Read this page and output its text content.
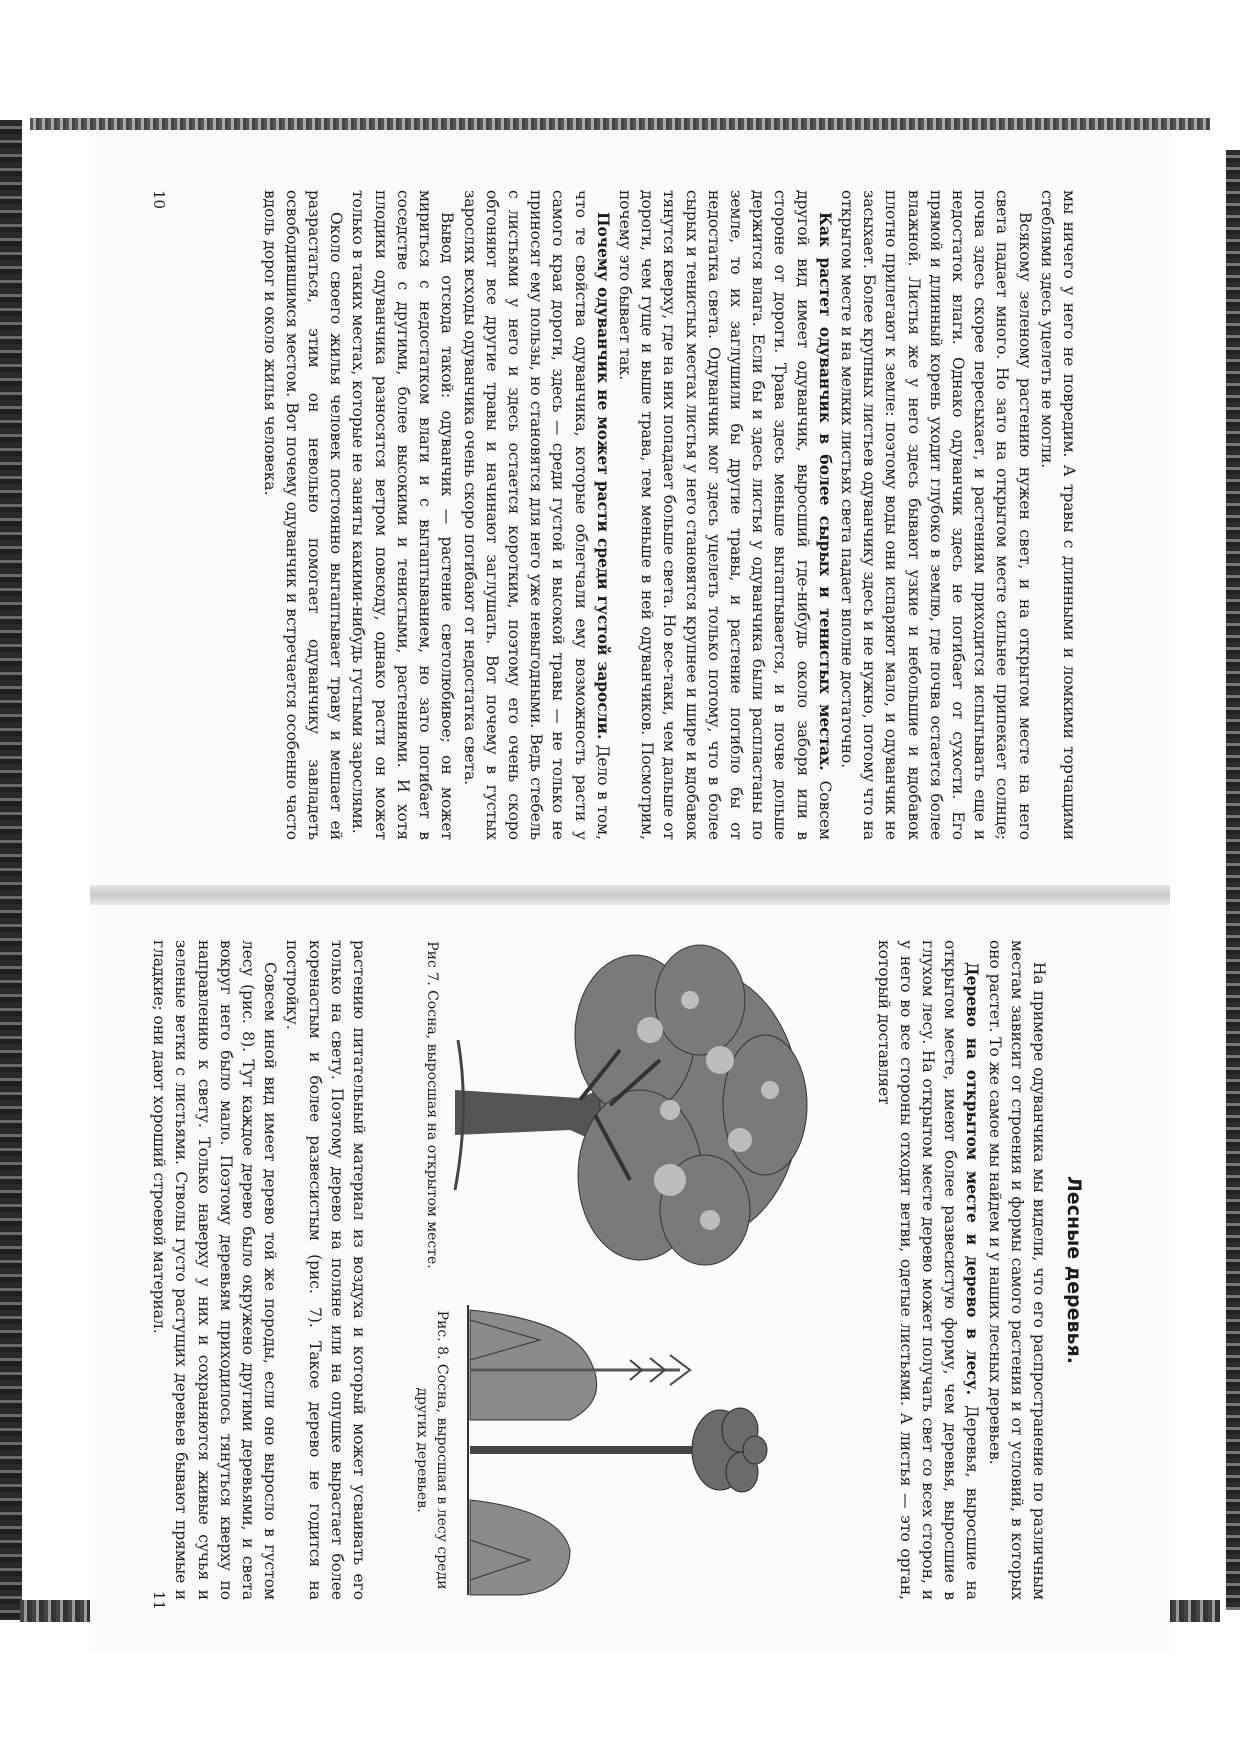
мы ничего у него не повредим. А травы с длинными и ломкими торчащими стеблями здесь уцелеть не могли.

Всякому зеленому растению нужен свет, и на открытом месте на него света падает много. Но зато на открытом месте сильнее припекает солнце; почва здесь скорее пересыхает, и растениям приходится испытывать еще и недостаток влаги. Однако одуванчик здесь не погибает от сухости. Его прямой и длинный корень уходит глубоко в землю, где почва остается более влажной. Листья же у него здесь бывают узкие и небольшие и вдобавок плотно прилегают к земле: поэтому воды они испаряют мало, и одуванчик не засыхает. Более крупных листьев одуванчику здесь и не нужно, потому что на открытом месте и на мелких листьях света падает вполне достаточно.

Как растет одуванчик в более сырых и тенистых местах. Совсем другой вид имеет одуванчик, выросший где-нибудь около заборя или в стороне от дороги. Трава здесь меньше вытаптывается, и в почве дольше держится влага. Если бы и здесь листья у одуванчика были распластаны по земле, то их заглушили бы другие травы, и растение погибло бы от недостатка света. Одуванчик мог здесь уцелеть только потому, что в более сырых и тенистых местах листья у него становятся крупнее и шире и вдобавок тянутся кверху, где на них попадает больше света. Но все-таки, чем дальше от дороги, чем гуще и выше трава, тем меньше в ней одуванчиков. Посмотрим, почему это бывает так.

Почему одуванчик не может расти среди густой заросли. Дело в том, что те свойства одуванчика, которые облегчали ему возможность расти у самого края дороги, здесь — среди густой и высокой травы — не только не приносят ему пользы, но становятся для него уже невыгодными. Ведь стебель с листьями у него и здесь остается коротким, поэтому его очень скоро обгоняют все другие травы и начинают заглушать. Вот почему в густых зарослях всходы одуванчика очень скоро погибают от недостатка света.

Вывод отсюда такой: одуванчик — растение светолюбивое; он может мириться с недостатком влаги и с вытаптыванием, но зато погибает в соседстве с другими, более высокими и тенистыми, растениями. И хотя плодики одуванчика разносятся ветром повсюду, однако расти он может только в таких местах, которые не заняты какими-нибудь густыми зарослями.

Около своего жилья человек постоянно вытаптывает траву и мешает ей разрастаться, этим он невольно помогает одуванчику завладеть освободившимся местом. Вот почему одуванчик и встречается особенно часто вдоль дорог и около жилья человека.

10
Лесные деревья.

На примере одуванчика мы видели, что его распространение по различным местам зависит от строения и формы самого растения и от условий, в которых оно растет. То же самое мы найдем и у наших лесных деревьев.

Дерево на открытом месте и дерево в лесу. Деревья, выросшие на открытом месте, имеют более развесистую форму, чем деревья, выросшие в глухом лесу. На открытом месте дерево может получать свет со всех сторон, и у него во все стороны отходят ветви, одетые листьями. А листья — это орган, который доставляет

Рис 7. Сосна, выросшая на открытом месте.
Рис. 8. Сосна, выросшая в лесу среди других деревьев.

растению питательный материал из воздуха и который может усваивать его только на свету. Поэтому дерево на поляне или на опушке вырастает более коренастым и более развесистым (рис. 7). Такое дерево не годится на постройку.

Совсем иной вид имеет дерево той же породы, если оно выросло в густом лесу (рис. 8). Тут каждое дерево было окружено другими деревьями, и света вокруг него было мало. Поэтому деревьям приходилось тянуться кверху по направлению к свету. Только наверху у них и сохраняются живые сучья и зеленые ветки с листьями. Стволы густо растущих деревьев бывают прямые и гладкие; они дают хороший строевой материал.

11
